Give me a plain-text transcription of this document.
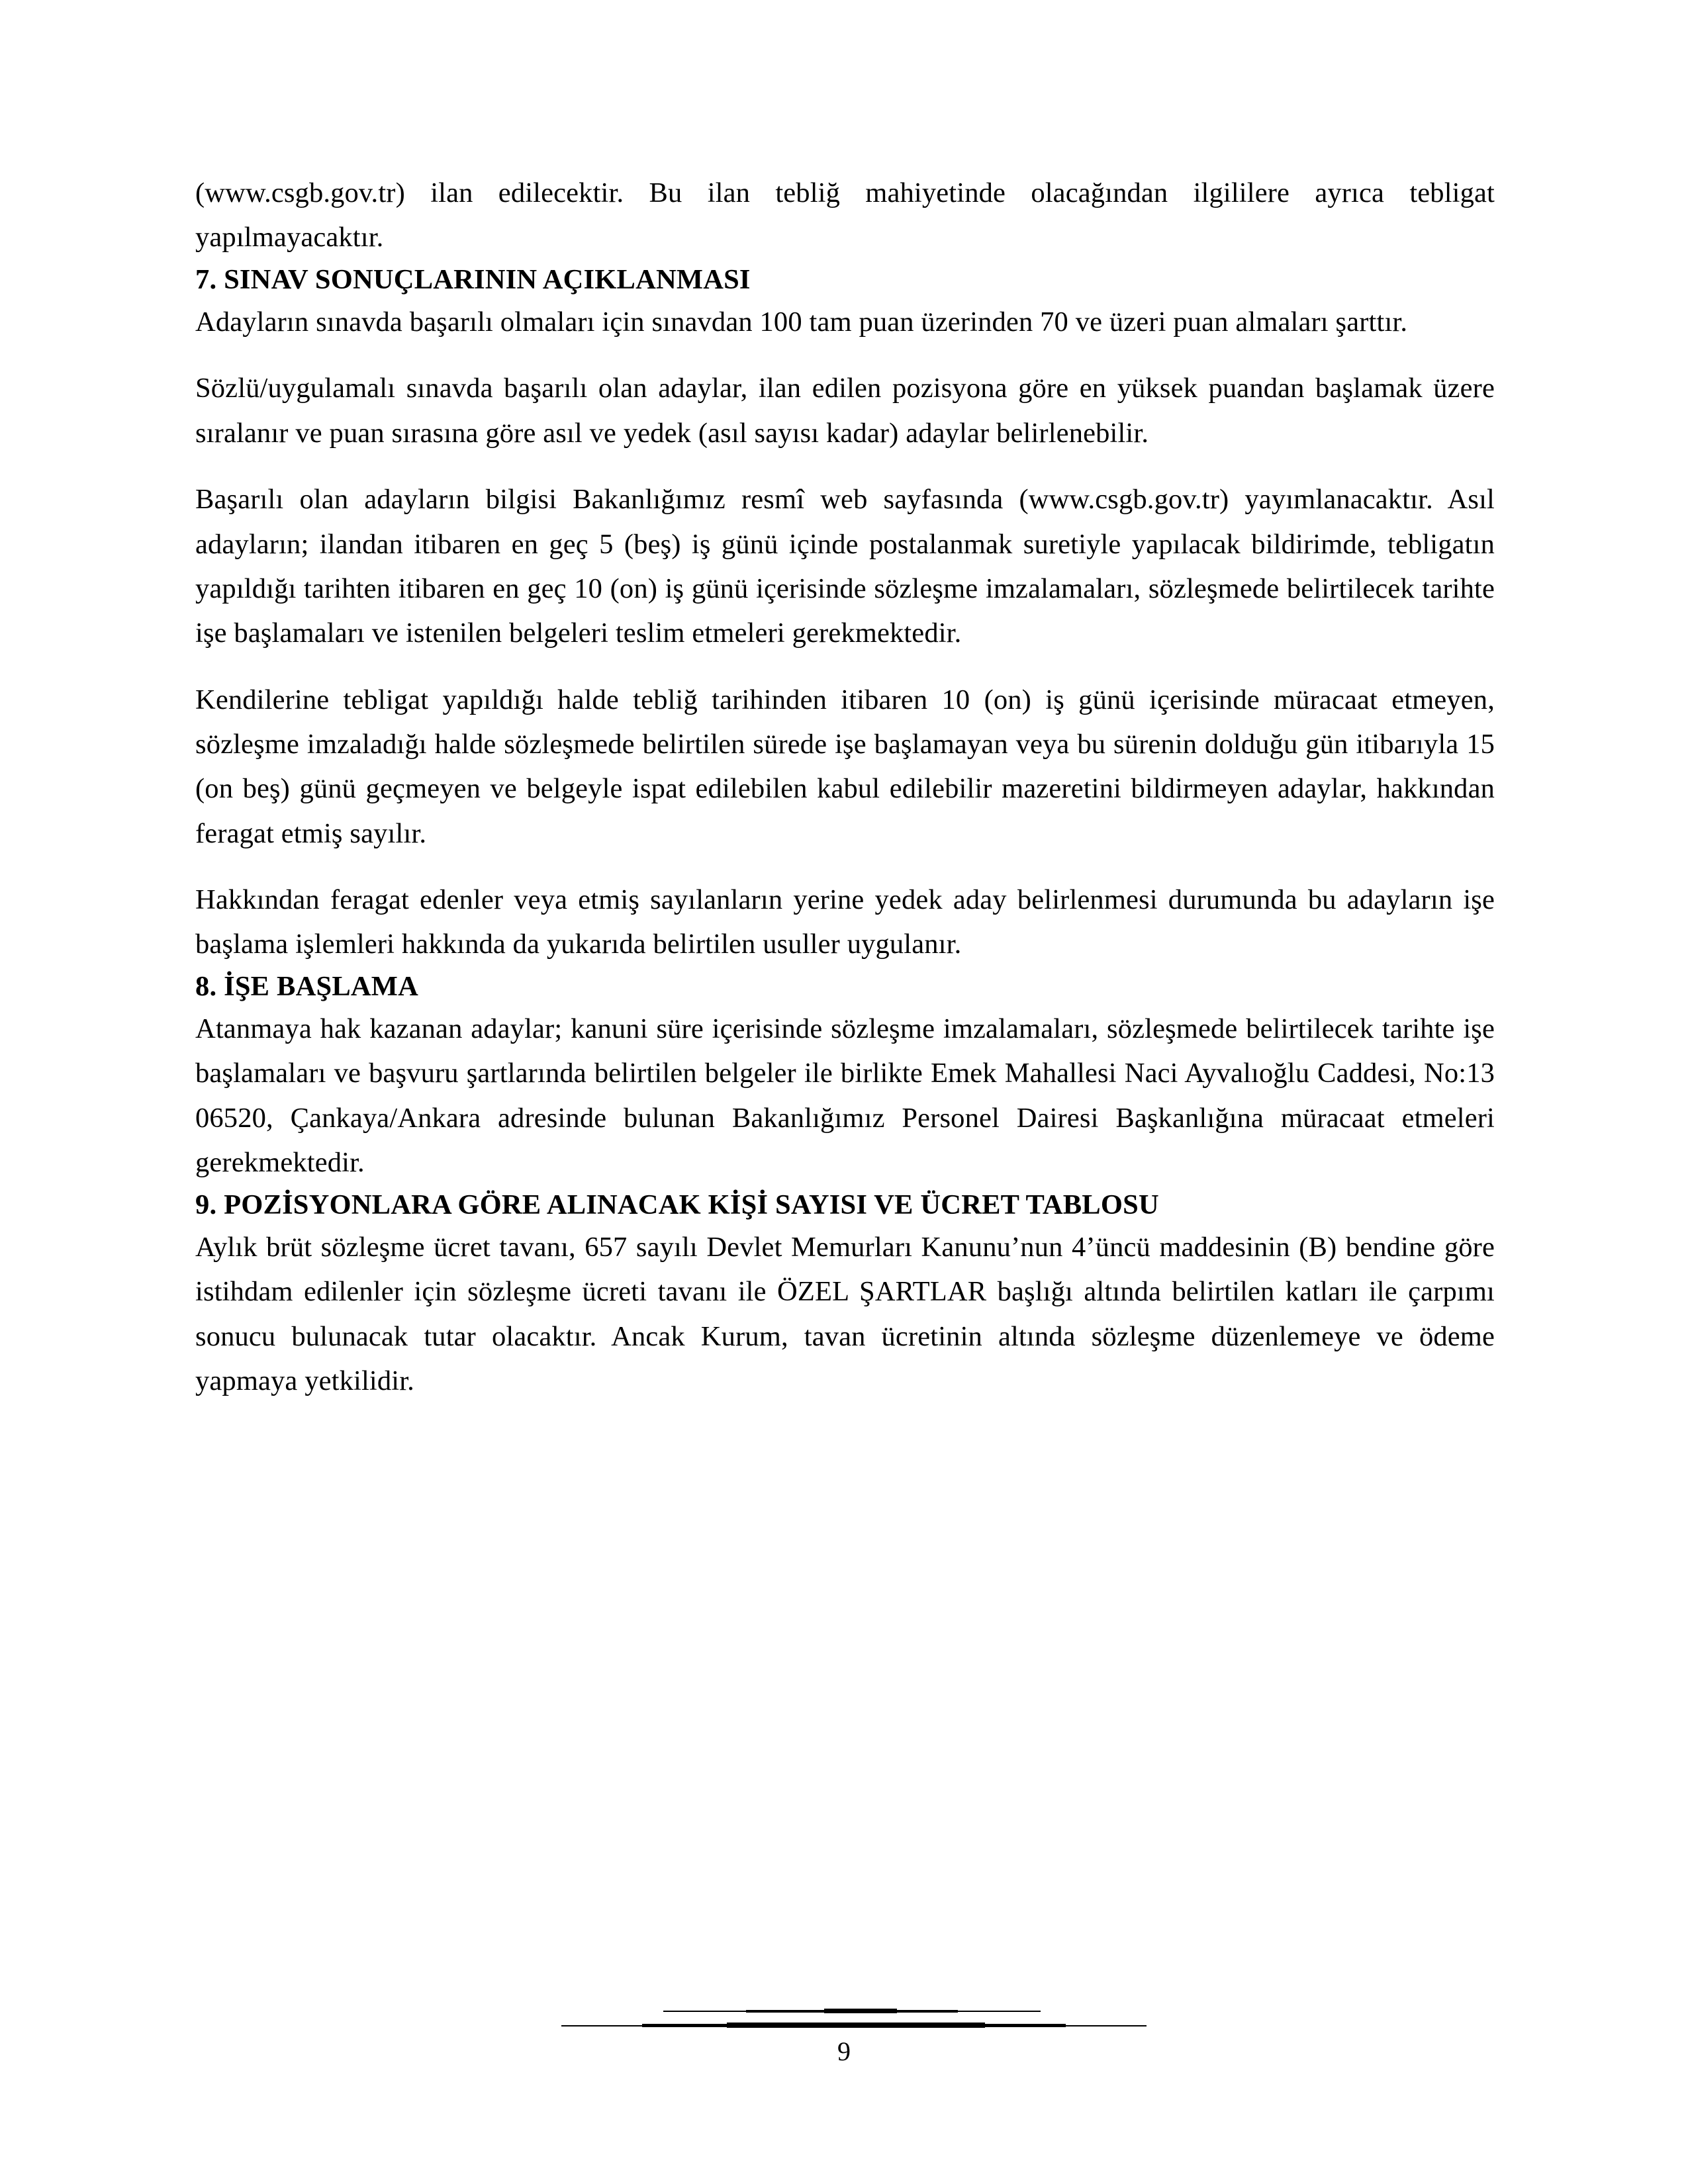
(www.csgb.gov.tr) ilan edilecektir. Bu ilan tebliğ mahiyetinde olacağından ilgililere ayrıca tebligat yapılmayacaktır.

7. SINAV SONUÇLARININ AÇIKLANMASI

Adayların sınavda başarılı olmaları için sınavdan 100 tam puan üzerinden 70 ve üzeri puan almaları şarttır.

Sözlü/uygulamalı sınavda başarılı olan adaylar, ilan edilen pozisyona göre en yüksek puandan başlamak üzere sıralanır ve puan sırasına göre asıl ve yedek (asıl sayısı kadar) adaylar belirlenebilir.

Başarılı olan adayların bilgisi Bakanlığımız resmî web sayfasında (www.csgb.gov.tr) yayımlanacaktır. Asıl adayların; ilandan itibaren en geç 5 (beş) iş günü içinde postalanmak suretiyle yapılacak bildirimde, tebligatın yapıldığı tarihten itibaren en geç 10 (on) iş günü içerisinde sözleşme imzalamaları, sözleşmede belirtilecek tarihte işe başlamaları ve istenilen belgeleri teslim etmeleri gerekmektedir.

Kendilerine tebligat yapıldığı halde tebliğ tarihinden itibaren 10 (on) iş günü içerisinde müracaat etmeyen, sözleşme imzaladığı halde sözleşmede belirtilen sürede işe başlamayan veya bu sürenin dolduğu gün itibarıyla 15 (on beş) günü geçmeyen ve belgeyle ispat edilebilen kabul edilebilir mazeretini bildirmeyen adaylar, hakkından feragat etmiş sayılır.

Hakkından feragat edenler veya etmiş sayılanların yerine yedek aday belirlenmesi durumunda bu adayların işe başlama işlemleri hakkında da yukarıda belirtilen usuller uygulanır.

8. İŞE BAŞLAMA

Atanmaya hak kazanan adaylar; kanuni süre içerisinde sözleşme imzalamaları, sözleşmede belirtilecek tarihte işe başlamaları ve başvuru şartlarında belirtilen belgeler ile birlikte Emek Mahallesi Naci Ayvalıoğlu Caddesi, No:13 06520, Çankaya/Ankara adresinde bulunan Bakanlığımız Personel Dairesi Başkanlığına müracaat etmeleri gerekmektedir.

9. POZİSYONLARA GÖRE ALINACAK KİŞİ SAYISI VE ÜCRET TABLOSU

Aylık brüt sözleşme ücret tavanı, 657 sayılı Devlet Memurları Kanunu’nun 4’üncü maddesinin (B) bendine göre istihdam edilenler için sözleşme ücreti tavanı ile ÖZEL ŞARTLAR başlığı altında belirtilen katları ile çarpımı sonucu bulunacak tutar olacaktır. Ancak Kurum, tavan ücretinin altında sözleşme düzenlemeye ve ödeme yapmaya yetkilidir.

9
